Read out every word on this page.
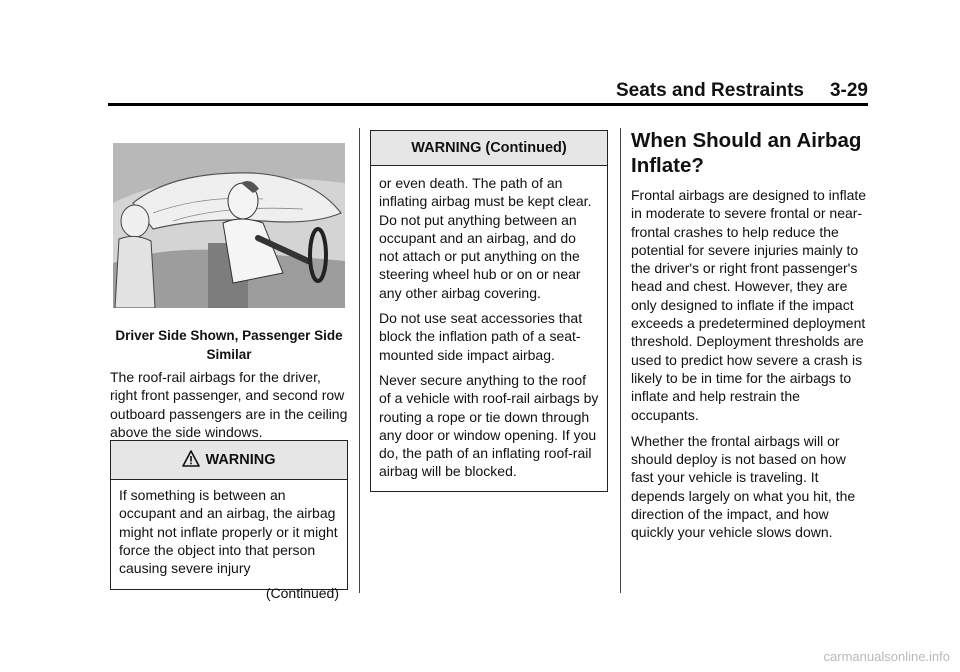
Seats and Restraints 3-29
Driver Side Shown, Passenger Side Similar

The roof-rail airbags for the driver, right front passenger, and second row outboard passengers are in the ceiling above the side windows.

WARNING

If something is between an occupant and an airbag, the airbag might not inflate properly or it might force the object into that person causing severe injury

(Continued)
WARNING (Continued)

or even death. The path of an inflating airbag must be kept clear. Do not put anything between an occupant and an airbag, and do not attach or put anything on the steering wheel hub or on or near any other airbag covering.

Do not use seat accessories that block the inflation path of a seat-mounted side impact airbag.

Never secure anything to the roof of a vehicle with roof-rail airbags by routing a rope or tie down through any door or window opening. If you do, the path of an inflating roof-rail airbag will be blocked.

When Should an Airbag Inflate?

Frontal airbags are designed to inflate in moderate to severe frontal or near-frontal crashes to help reduce the potential for severe injuries mainly to the driver's or right front passenger's head and chest. However, they are only designed to inflate if the impact exceeds a predetermined deployment threshold. Deployment thresholds are used to predict how severe a crash is likely to be in time for the airbags to inflate and help restrain the occupants.

Whether the frontal airbags will or should deploy is not based on how fast your vehicle is traveling. It depends largely on what you hit, the direction of the impact, and how quickly your vehicle slows down.

carmanualsonline.info
